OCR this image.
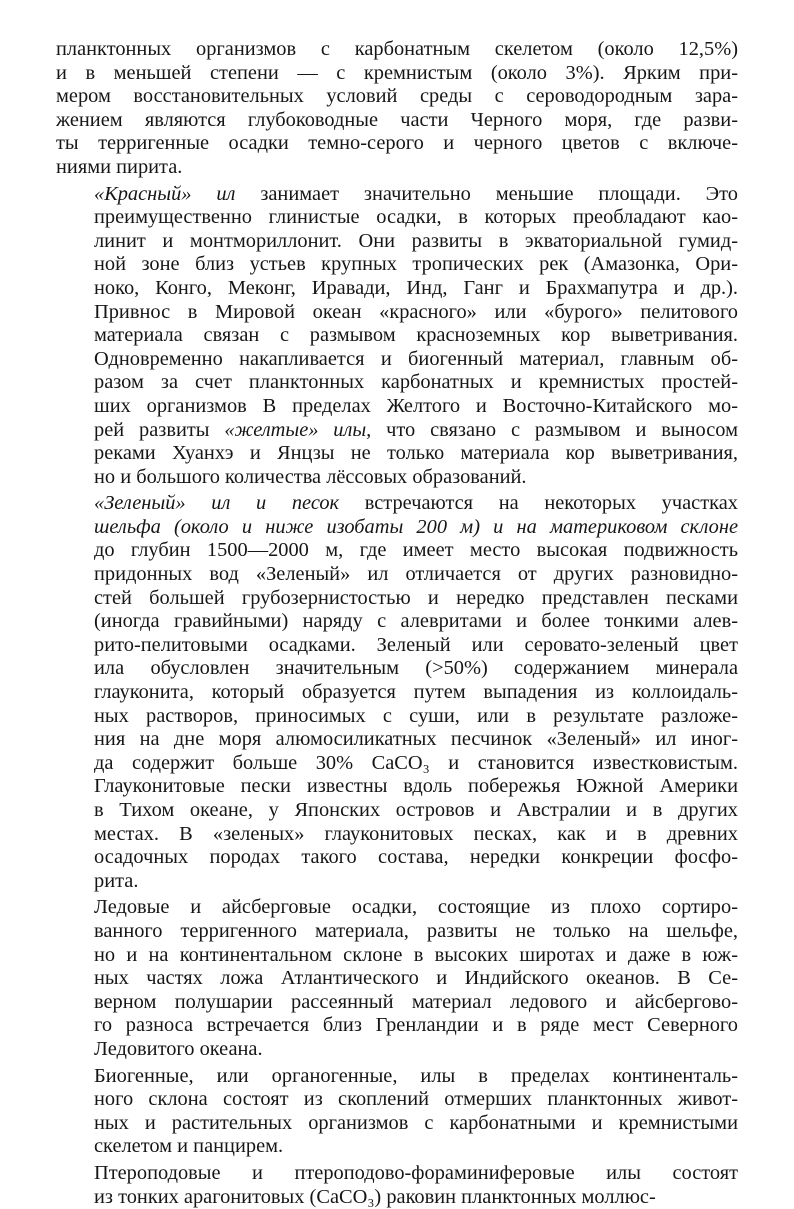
планктонных организмов с карбонатным скелетом (около 12,5%)
и в меньшей степени — с кремнистым (около 3%). Ярким при-
мером восстановительных условий среды с сероводородным зара-
жением являются глубоководные части Черного моря, где разви-
ты терригенные осадки темно-серого и черного цветов с включе-
ниями пирита.

«Красный» ил занимает значительно меньшие площади. Это
преимущественно глинистые осадки, в которых преобладают као-
линит и монтмориллонит. Они развиты в экваториальной гумид-
ной зоне близ устьев крупных тропических рек (Амазонка, Ори-
ноко, Конго, Меконг, Иравади, Инд, Ганг и Брахмапутра и др.).
Привнос в Мировой океан «красного» или «бурого» пелитового
материала связан с размывом красноземных кор выветривания.
Одновременно накапливается и биогенный материал, главным об-
разом за счет планктонных карбонатных и кремнистых простей-
ших организмов В пределах Желтого и Восточно-Китайского мо-
рей развиты «желтые» илы, что связано с размывом и выносом
реками Хуанхэ и Янцзы не только материала кор выветривания,
но и большого количества лёссовых образований.

«Зеленый» ил и песок встречаются на некоторых участках
шельфа (около и ниже изобаты 200 м) и на материковом склоне
до глубин 1500—2000 м, где имеет место высокая подвижность
придонных вод «Зеленый» ил отличается от других разновидно-
стей большей грубозернистостью и нередко представлен песками
(иногда гравийными) наряду с алевритами и более тонкими алев-
рито-пелитовыми осадками. Зеленый или серовато-зеленый цвет
ила обусловлен значительным (>50%) содержанием минерала
глауконита, который образуется путем выпадения из коллоидаль-
ных растворов, приносимых с суши, или в результате разложе-
ния на дне моря алюмосиликатных песчинок «Зеленый» ил иног-
да содержит больше 30% CaCO₃ и становится известковистым.
Глауконитовые пески известны вдоль побережья Южной Америки
в Тихом океане, у Японских островов и Австралии и в других
местах. В «зеленых» глауконитовых песках, как и в древних
осадочных породах такого состава, нередки конкреции фосфо-
рита.

Ледовые и айсберговые осадки, состоящие из плохо сортиро-
ванного терригенного материала, развиты не только на шельфе,
но и на континентальном склоне в высоких широтах и даже в юж-
ных частях ложа Атлантического и Индийского океанов. В Се-
верном полушарии рассеянный материал ледового и айсбергово-
го разноса встречается близ Гренландии и в ряде мест Северного
Ледовитого океана.

Биогенные, или органогенные, илы в пределах континенталь-
ного склона состоят из скоплений отмерших планктонных живот-
ных и растительных организмов с карбонатными и кремнистыми
скелетом и панцирем.

Птероподовые и птероподово-фораминиферовые илы состоят
из тонких арагонитовых (CaCO₃) раковин планктонных моллюс-
